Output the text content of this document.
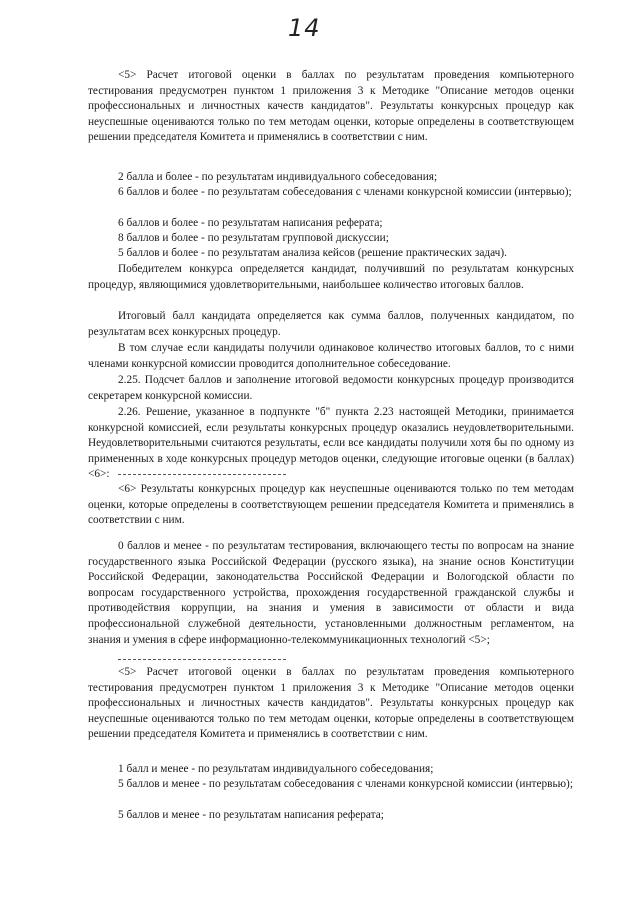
14

<5> Расчет итоговой оценки в баллах по результатам проведения компьютерного тестирования предусмотрен пунктом 1 приложения 3 к Методике "Описание методов оценки профессиональных и личностных качеств кандидатов". Результаты конкурсных процедур как неуспешные оцениваются только по тем методам оценки, которые определены в соответствующем решении председателя Комитета и применялись в соответствии с ним.

2 балла и более - по результатам индивидуального собеседования;

6 баллов и более - по результатам собеседования с членами конкурсной комиссии (интервью);

6 баллов и более - по результатам написания реферата;

8 баллов и более - по результатам групповой дискуссии;

5 баллов и более - по результатам анализа кейсов (решение практических задач).

Победителем конкурса определяется кандидат, получивший по результатам конкурсных процедур, являющимися удовлетворительными, наибольшее количество итоговых баллов.

Итоговый балл кандидата определяется как сумма баллов, полученных кандидатом, по результатам всех конкурсных процедур.

В том случае если кандидаты получили одинаковое количество итоговых баллов, то с ними членами конкурсной комиссии проводится дополнительное собеседование.

2.25. Подсчет баллов и заполнение итоговой ведомости конкурсных процедур производится секретарем конкурсной комиссии.

2.26. Решение, указанное в подпункте "б" пункта 2.23 настоящей Методики, принимается конкурсной комиссией, если результаты конкурсных процедур оказались неудовлетворительными. Неудовлетворительными считаются результаты, если все кандидаты получили хотя бы по одному из примененных в ходе конкурсных процедур методов оценки, следующие итоговые оценки (в баллах) <6>:

<6> Результаты конкурсных процедур как неуспешные оцениваются только по тем методам оценки, которые определены в соответствующем решении председателя Комитета и применялись в соответствии с ним.

0 баллов и менее - по результатам тестирования, включающего тесты по вопросам на знание государственного языка Российской Федерации (русского языка), на знание основ Конституции Российской Федерации, законодательства Российской Федерации и Вологодской области по вопросам государственного устройства, прохождения государственной гражданской службы и противодействия коррупции, на знания и умения в зависимости от области и вида профессиональной служебной деятельности, установленными должностным регламентом, на знания и умения в сфере информационно-телекоммуникационных технологий <5>;

<5> Расчет итоговой оценки в баллах по результатам проведения компьютерного тестирования предусмотрен пунктом 1 приложения 3 к Методике "Описание методов оценки профессиональных и личностных качеств кандидатов". Результаты конкурсных процедур как неуспешные оцениваются только по тем методам оценки, которые определены в соответствующем решении председателя Комитета и применялись в соответствии с ним.

1 балл и менее - по результатам индивидуального собеседования;

5 баллов и менее - по результатам собеседования с членами конкурсной комиссии (интервью);

5 баллов и менее - по результатам написания реферата;
